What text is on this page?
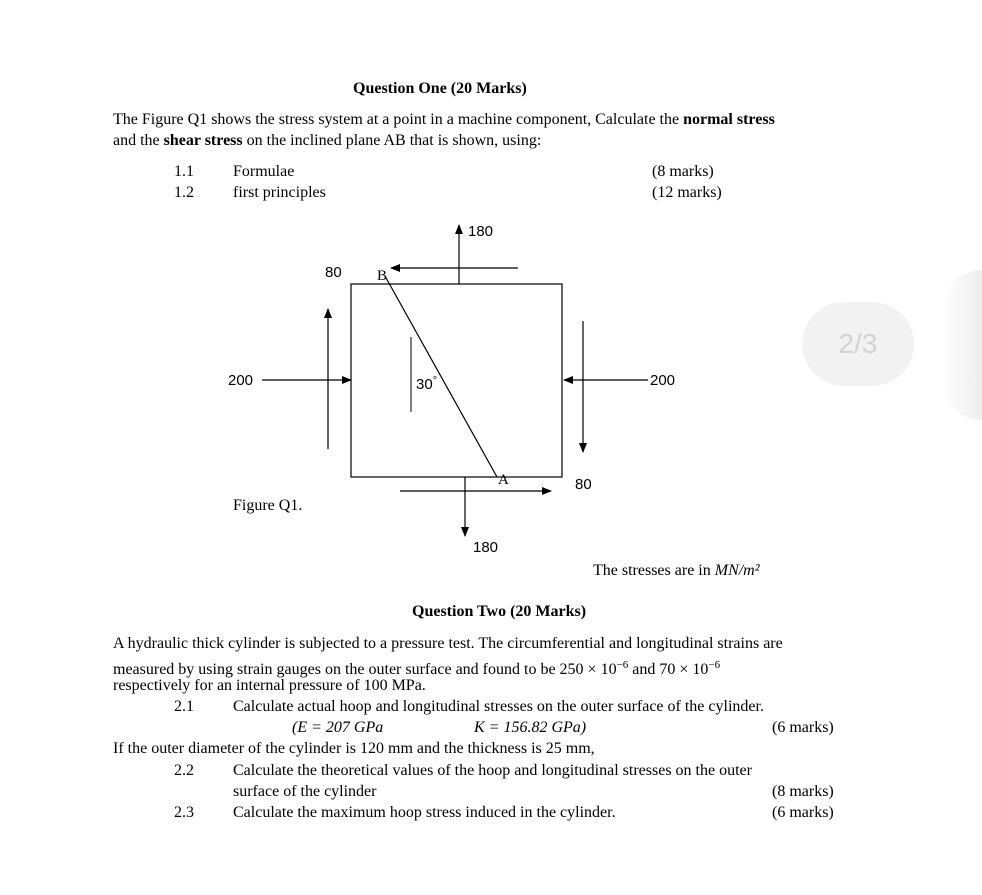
Question One (20 Marks)
The Figure Q1 shows the stress system at a point in a machine component, Calculate the normal stress
and the shear stress on the inclined plane AB that is shown, using:
1.1 Formulae	(8 marks)
1.2 first principles	(12 marks)
180
80 B
200	30°	200
A	80
Figure Q1.
180
The stresses are in MN/m²
2/3
Question Two (20 Marks)
A hydraulic thick cylinder is subjected to a pressure test. The circumferential and longitudinal strains are
measured by using strain gauges on the outer surface and found to be $250 \times 10^{-6}$ and $70 \times 10^{-6}$
respectively for an internal pressure of 100 MPa.
2.1 Calculate actual hoop and longitudinal stresses on the outer surface of the cylinder.
(E = 207 GPa	K = 156.82 GPa)	(6 marks)
If the outer diameter of the cylinder is 120 mm and the thickness is 25 mm,
2.2 Calculate the theoretical values of the hoop and longitudinal stresses on the outer
surface of the cylinder	(8 marks)
2.3 Calculate the maximum hoop stress induced in the cylinder.	(6 marks)
